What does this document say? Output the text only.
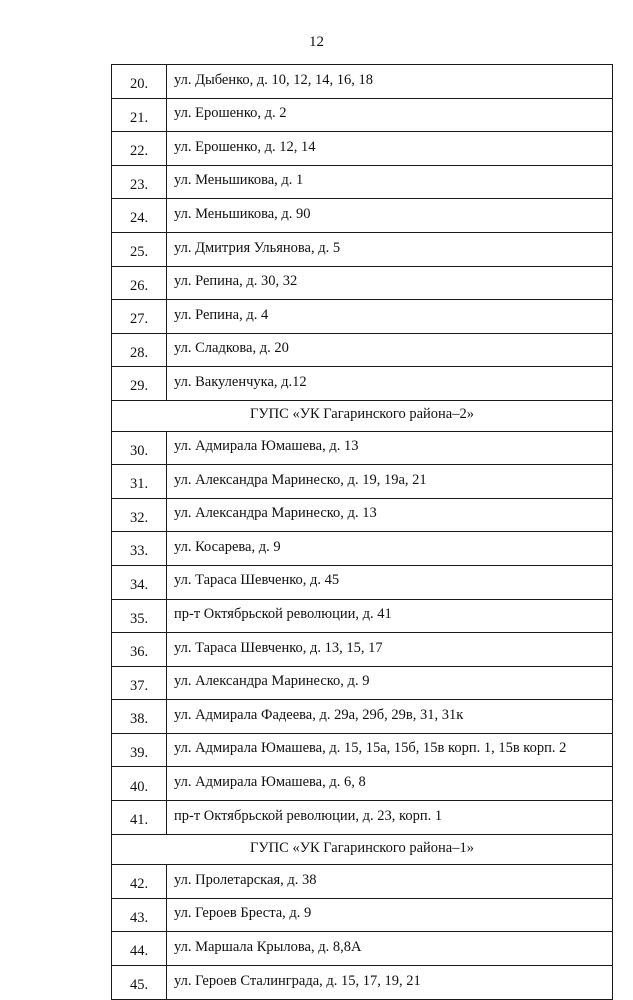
12
20.	ул. Дыбенко, д. 10, 12, 14, 16, 18
21.	ул. Ерошенко, д. 2
22.	ул. Ерошенко, д. 12, 14
23.	ул. Меньшикова, д. 1
24.	ул. Меньшикова, д. 90
25.	ул. Дмитрия Ульянова, д. 5
26.	ул. Репина, д. 30, 32
27.	ул. Репина, д. 4
28.	ул. Сладкова, д. 20
29.	ул. Вакуленчука, д.12
ГУПС «УК Гагаринского района–2»	
30.	ул. Адмирала Юмашева, д. 13
31.	ул. Александра Маринеско, д. 19, 19а, 21
32.	ул. Александра Маринеско, д. 13
33.	ул. Косарева, д. 9
34.	ул. Тараса Шевченко, д. 45
35.	пр-т Октябрьской революции, д. 41
36.	ул. Тараса Шевченко, д. 13, 15, 17
37.	ул. Александра Маринеско, д. 9
38.	ул. Адмирала Фадеева, д. 29а, 29б, 29в, 31, 31к
39.	ул. Адмирала Юмашева, д. 15, 15а, 15б, 15в корп. 1, 15в корп. 2
40.	ул. Адмирала Юмашева, д. 6, 8
41.	пр-т Октябрьской революции, д. 23, корп. 1
ГУПС «УК Гагаринского района–1»	
42.	ул. Пролетарская, д. 38
43.	ул. Героев Бреста, д. 9
44.	ул. Маршала Крылова, д. 8,8А
45.	ул. Героев Сталинграда, д. 15, 17, 19, 21
